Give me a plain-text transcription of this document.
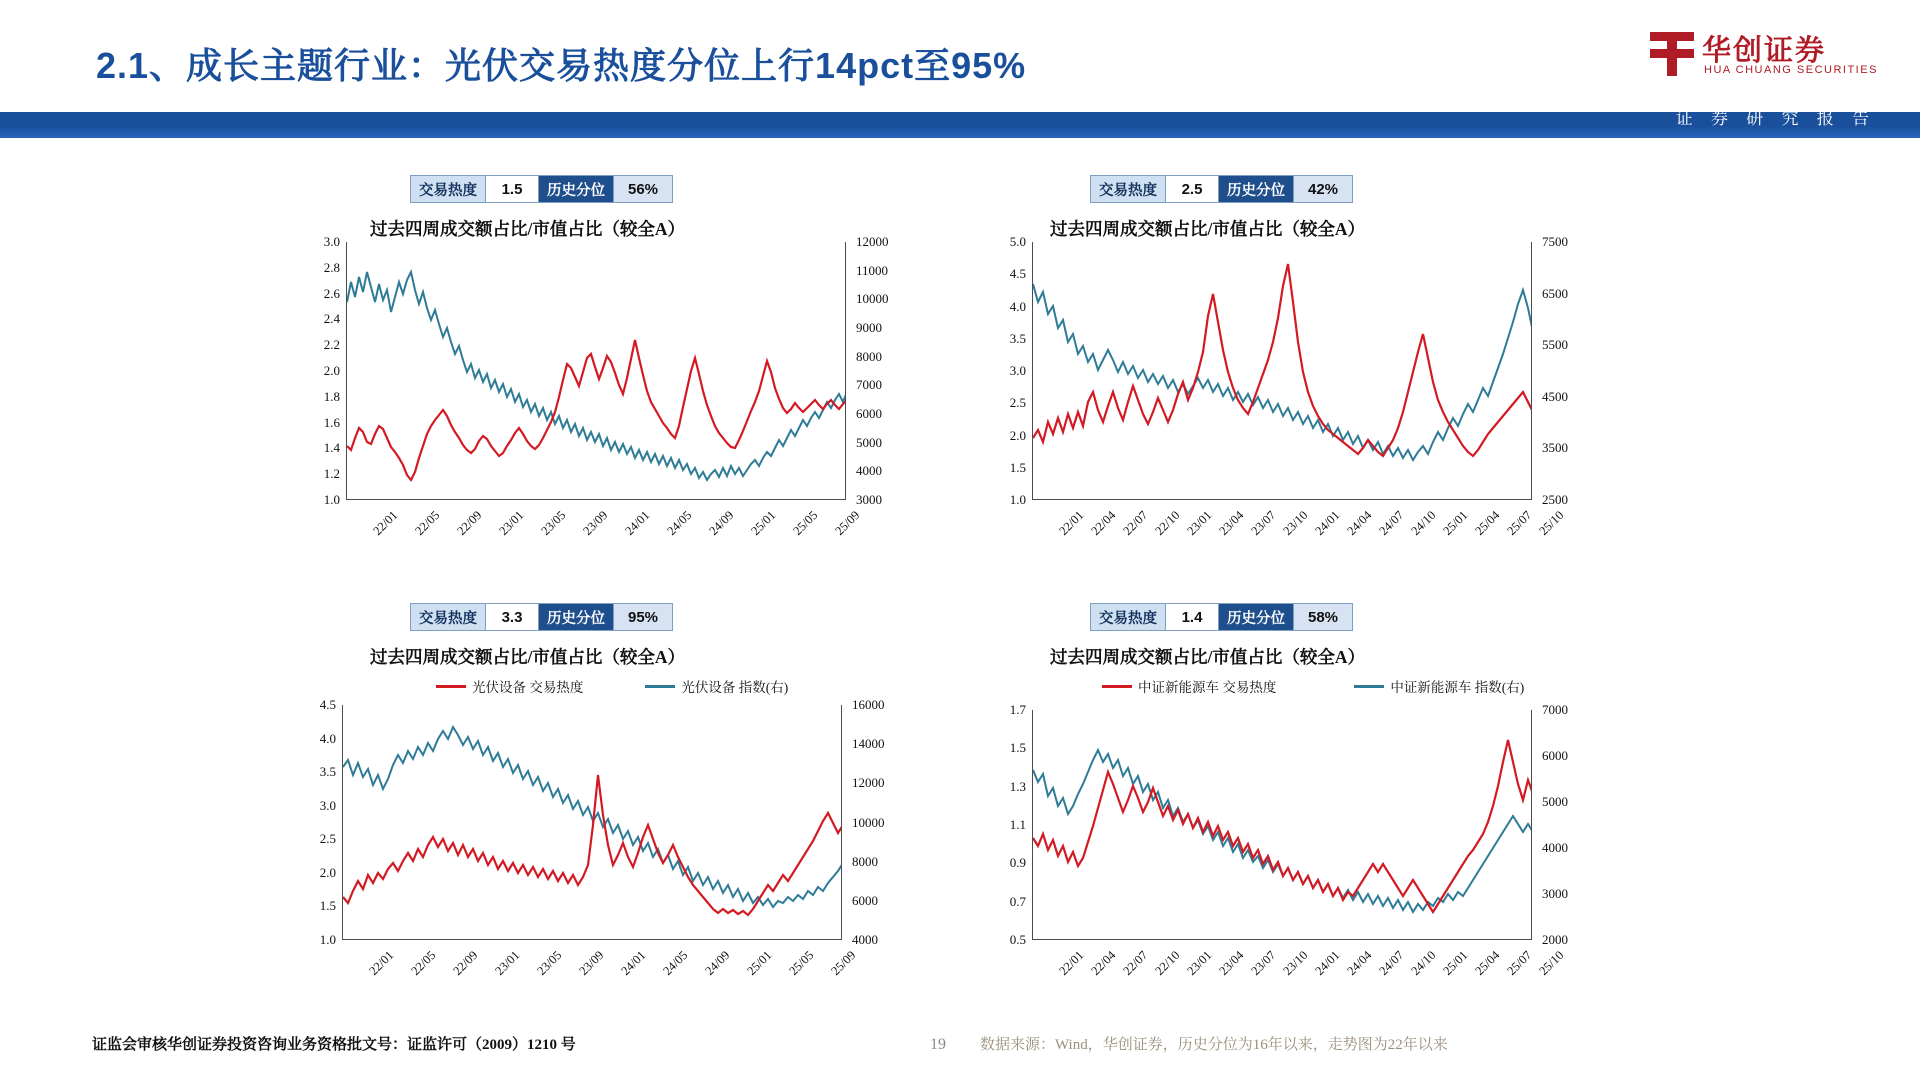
2.1、成长主题行业：光伏交易热度分位上行14pct至95%	华创证券
HUA CHUANG SECURITIES
证 券 研 究 报 告
交易热度	1.5	历史分位	56%
过去四周成交额占比/市值占比（较全A）
3.0
2.8
2.6
2.4
2.2
2.0
1.8
1.6
1.4
1.2
1.0
12000
11000
10000
9000
8000
7000
6000
5000
4000
3000
22/01 22/05 22/09 23/01 23/05 23/09 24/01 24/05 24/09 25/01 25/05 25/09
交易热度	2.5	历史分位	42%
过去四周成交额占比/市值占比（较全A）
5.0
4.5
4.0
3.5
3.0
2.5
2.0
1.5
1.0
7500
6500
5500
4500
3500
2500
22/01 22/04 22/07 22/10 23/01 23/04 23/07 23/10 24/01 24/04 24/07 24/10 25/01 25/04 25/07 25/10
交易热度	3.3	历史分位	95%
过去四周成交额占比/市值占比（较全A）
光伏设备 交易热度	光伏设备 指数(右)
4.5
4.0
3.5
3.0
2.5
2.0
1.5
1.0
16000
14000
12000
10000
8000
6000
4000
22/01 22/05 22/09 23/01 23/05 23/09 24/01 24/05 24/09 25/01 25/05 25/09
交易热度	1.4	历史分位	58%
过去四周成交额占比/市值占比（较全A）
中证新能源车 交易热度	中证新能源车 指数(右)
1.7
1.5
1.3
1.1
0.9
0.7
0.5
7000
6000
5000
4000
3000
2000
22/01 22/04 22/07 22/10 23/01 23/04 23/07 23/10 24/01 24/04 24/07 24/10 25/01 25/04 25/07 25/10
证监会审核华创证券投资咨询业务资格批文号：证监许可（2009）1210 号	19 数据来源：Wind，华创证券，历史分位为16年以来，走势图为22年以来
